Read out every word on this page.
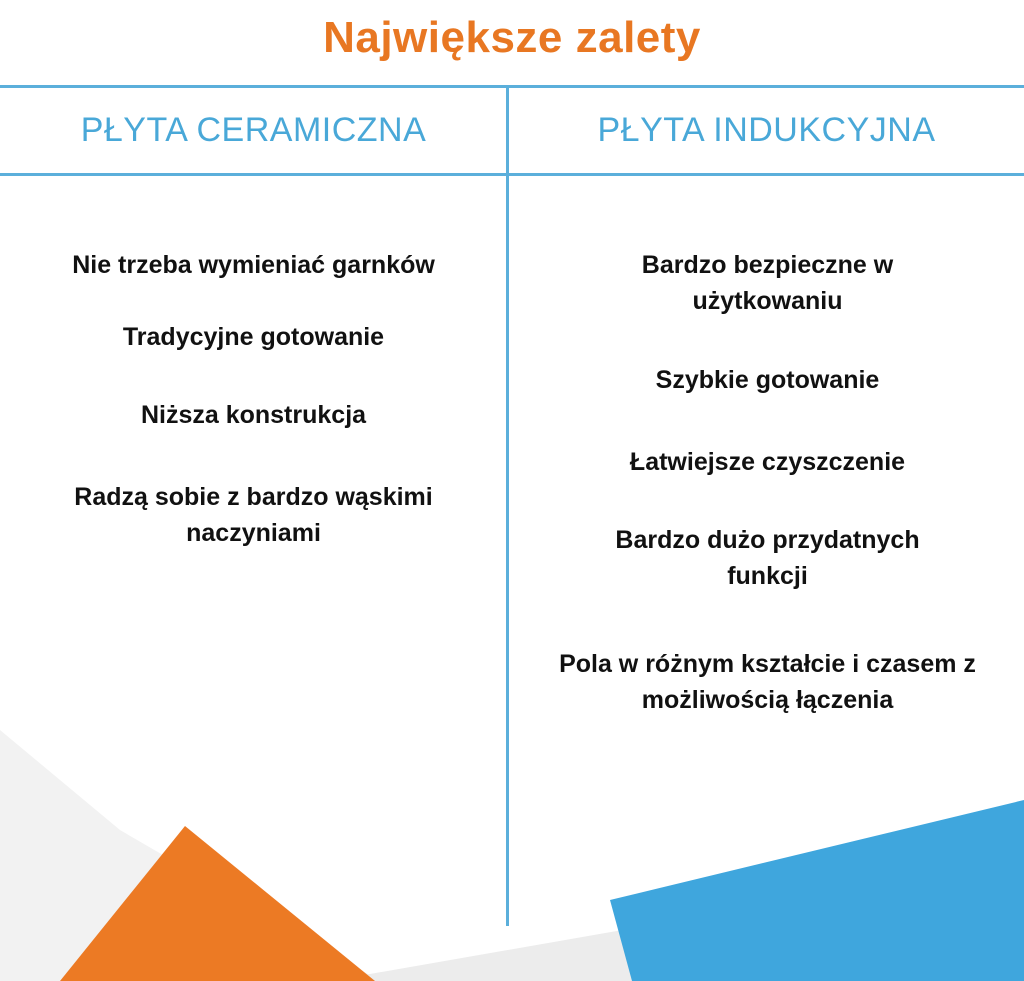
Największe zalety
PŁYTA CERAMICZNA	PŁYTA INDUKCYJNA
Nie trzeba wymieniać garnków
Tradycyjne gotowanie
Niższa konstrukcja
Radzą sobie z bardzo wąskimi naczyniami
Bardzo bezpieczne w użytkowaniu
Szybkie gotowanie
Łatwiejsze czyszczenie
Bardzo dużo przydatnych funkcji
Pola w różnym kształcie i czasem z możliwością łączenia
